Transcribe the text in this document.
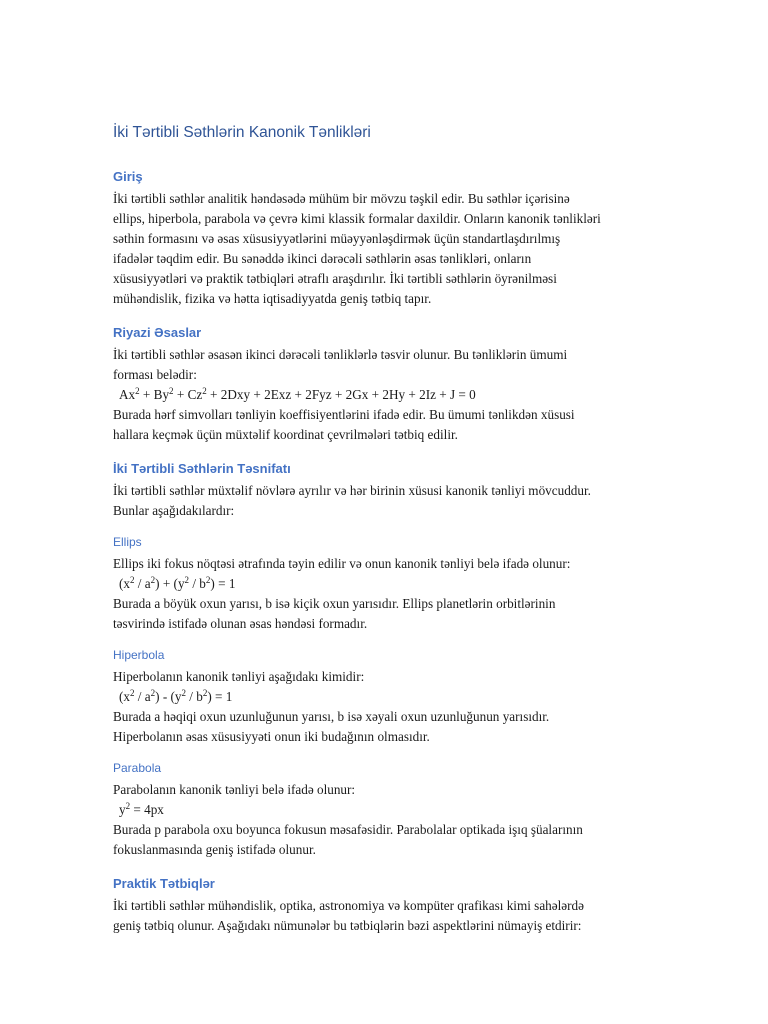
İki Tərtibli Səthlərin Kanonik Tənlikləri
Giriş

İki tərtibli səthlər analitik həndəsədə mühüm bir mövzu təşkil edir. Bu səthlər içərisinə

ellips, hiperbola, parabola və çevrə kimi klassik formalar daxildir. Onların kanonik tənlikləri

səthin formasını və əsas xüsusiyyətlərini müəyyənləşdirmək üçün standartlaşdırılmış

ifadələr təqdim edir. Bu sənəddə ikinci dərəcəli səthlərin əsas tənlikləri, onların

xüsusiyyətləri və praktik tətbiqləri ətraflı araşdırılır. İki tərtibli səthlərin öyrənilməsi

mühəndislik, fizika və hətta iqtisadiyyatda geniş tətbiq tapır.

Riyazi Əsaslar

İki tərtibli səthlər əsasən ikinci dərəcəli tənliklərlə təsvir olunur. Bu tənliklərin ümumi

forması belədir:

$Ax^2 + By^2 + Cz^2 + 2Dxy + 2Exz + 2Fyz + 2Gx + 2Hy + 2Iz + J = 0$

Burada hərf simvolları tənliyin koeffisiyentlərini ifadə edir. Bu ümumi tənlikdən xüsusi

hallara keçmək üçün müxtəlif koordinat çevrilmələri tətbiq edilir.

İki Tərtibli Səthlərin Təsnifatı

İki tərtibli səthlər müxtəlif növlərə ayrılır və hər birinin xüsusi kanonik tənliyi mövcuddur.

Bunlar aşağıdakılardır:

Ellips

Ellips iki fokus nöqtəsi ətrafında təyin edilir və onun kanonik tənliyi belə ifadə olunur:

$(x^2 / a^2) + (y^2 / b^2) = 1$

Burada a böyük oxun yarısı, b isə kiçik oxun yarısıdır. Ellips planetlərin orbitlərinin

təsvirində istifadə olunan əsas həndəsi formadır.

Hiperbola

Hiperbolanın kanonik tənliyi aşağıdakı kimidir:

$(x^2 / a^2) - (y^2 / b^2) = 1$

Burada a həqiqi oxun uzunluğunun yarısı, b isə xəyali oxun uzunluğunun yarısıdır.

Hiperbolanın əsas xüsusiyyəti onun iki budağının olmasıdır.

Parabola

Parabolanın kanonik tənliyi belə ifadə olunur:

$y^2 = 4px$

Burada p parabola oxu boyunca fokusun məsafəsidir. Parabolalar optikada işıq şüalarının

fokuslanmasında geniş istifadə olunur.

Praktik Tətbiqlər

İki tərtibli səthlər mühəndislik, optika, astronomiya və kompüter qrafikası kimi sahələrdə

geniş tətbiq olunur. Aşağıdakı nümunələr bu tətbiqlərin bəzi aspektlərini nümayiş etdirir:
